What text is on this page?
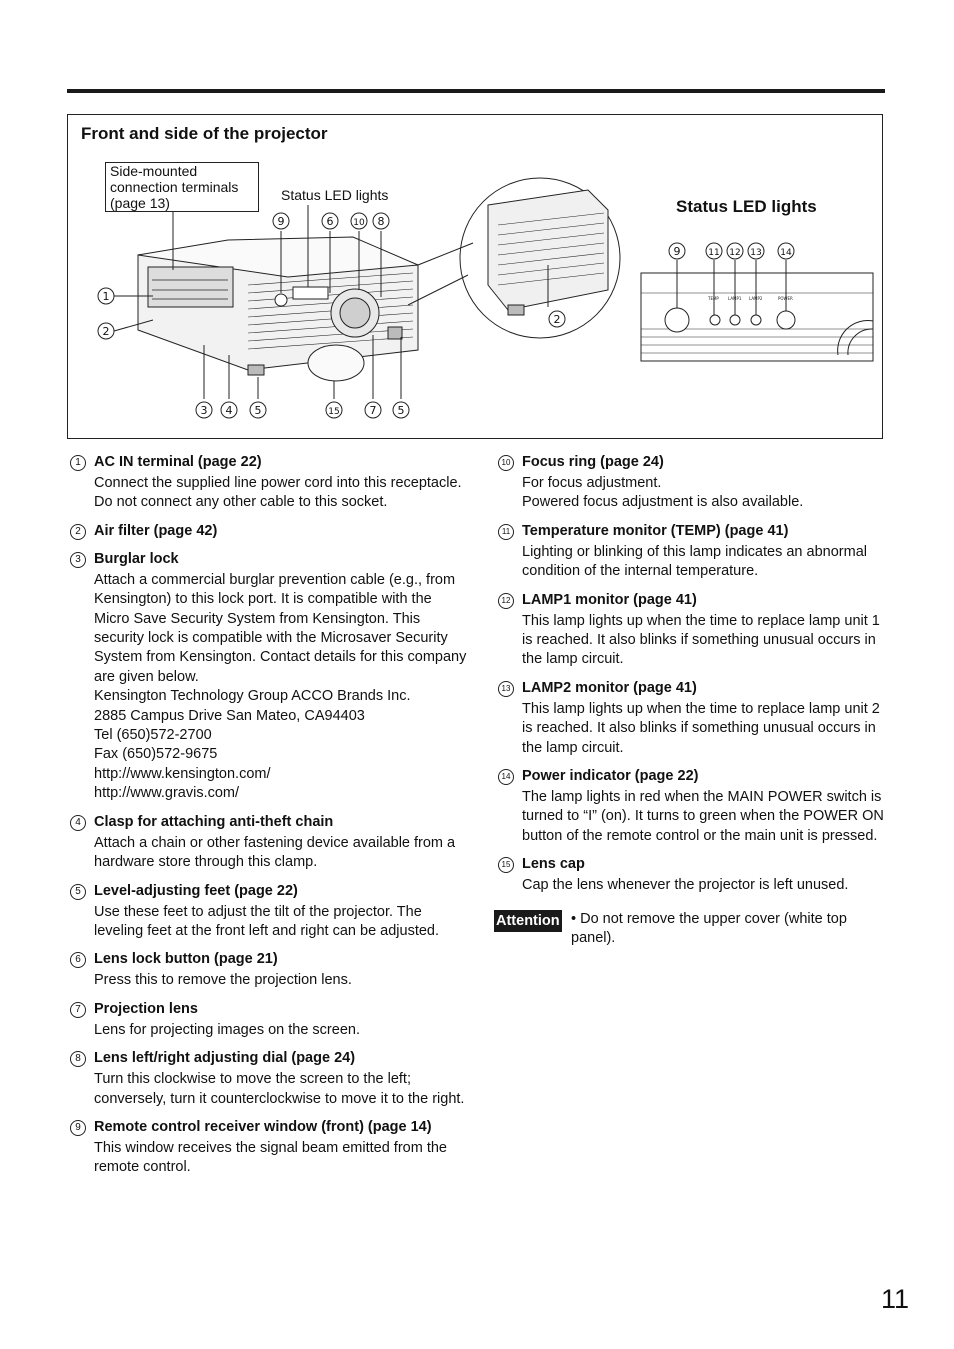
TEMP LAMP1 LAMP2	POWER
1
2
3 4 5	15	7 5
9	6 10 8
2
9	11 12 13 14
Front and side of the projector
Side-mounted connection terminals (page 13)	Status LED lights
Status LED lights
1 AC IN terminal (page 22)
Connect the supplied line power cord into this receptacle.
Do not connect any other cable to this socket.
2 Air filter (page 42)
3 Burglar lock
Attach a commercial burglar prevention cable (e.g., from Kensington) to this lock port. It is compatible with the Micro Save Security System from Kensington. This security lock is compatible with the Microsaver Security System from Kensington. Contact details for this company are given below.
Kensington Technology Group ACCO Brands Inc.
2885 Campus Drive San Mateo, CA94403
Tel (650)572-2700
Fax (650)572-9675
http://www.kensington.com/
http://www.gravis.com/
4 Clasp for attaching anti-theft chain
Attach a chain or other fastening device available from a hardware store through this clamp.
5 Level-adjusting feet (page 22)
Use these feet to adjust the tilt of the projector. The leveling feet at the front left and right can be adjusted.
6 Lens lock button (page 21)
Press this to remove the projection lens.
7 Projection lens
Lens for projecting images on the screen.
8 Lens left/right adjusting dial (page 24)
Turn this clockwise to move the screen to the left; conversely, turn it counterclockwise to move it to the right.
9 Remote control receiver window (front) (page 14)
This window receives the signal beam emitted from the remote control.
10 Focus ring (page 24)
For focus adjustment.
Powered focus adjustment is also available.
11 Temperature monitor (TEMP) (page 41)
Lighting or blinking of this lamp indicates an abnormal condition of the internal temperature.
12 LAMP1 monitor (page 41)
This lamp lights up when the time to replace lamp unit 1 is reached. It also blinks if something unusual occurs in the lamp circuit.
13 LAMP2 monitor (page 41)
This lamp lights up when the time to replace lamp unit 2 is reached. It also blinks if something unusual occurs in the lamp circuit.
14 Power indicator (page 22)
The lamp lights in red when the MAIN POWER switch is turned to “I” (on). It turns to green when the POWER ON button of the remote control or the main unit is pressed.
15 Lens cap
Cap the lens whenever the projector is left unused.
Attention • Do not remove the upper cover (white top panel).
11
